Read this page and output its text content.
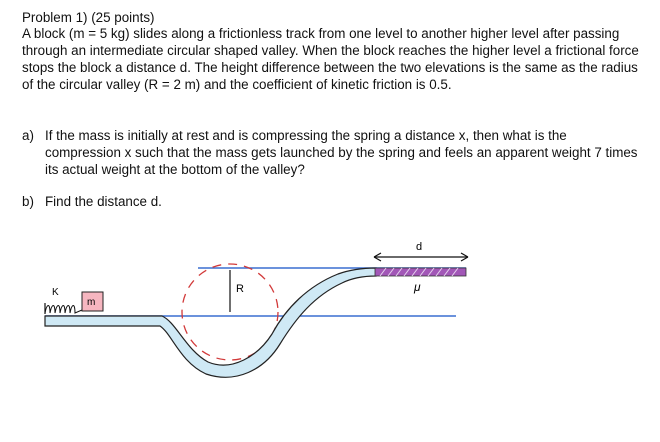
Problem 1) (25 points)
A block (m = 5 kg) slides along a frictionless track from one level to another higher level after passing through an intermediate circular shaped valley. When the block reaches the higher level a frictional force stops the block a distance d. The height difference between the two elevations is the same as the radius of the circular valley (R = 2 m) and the coefficient of kinetic friction is 0.5.
a) If the mass is initially at rest and is compressing the spring a distance x, then what is the compression x such that the mass gets launched by the spring and feels an apparent weight 7 times its actual weight at the bottom of the valley?
b) Find the distance d.
R	μ
d
K
m
